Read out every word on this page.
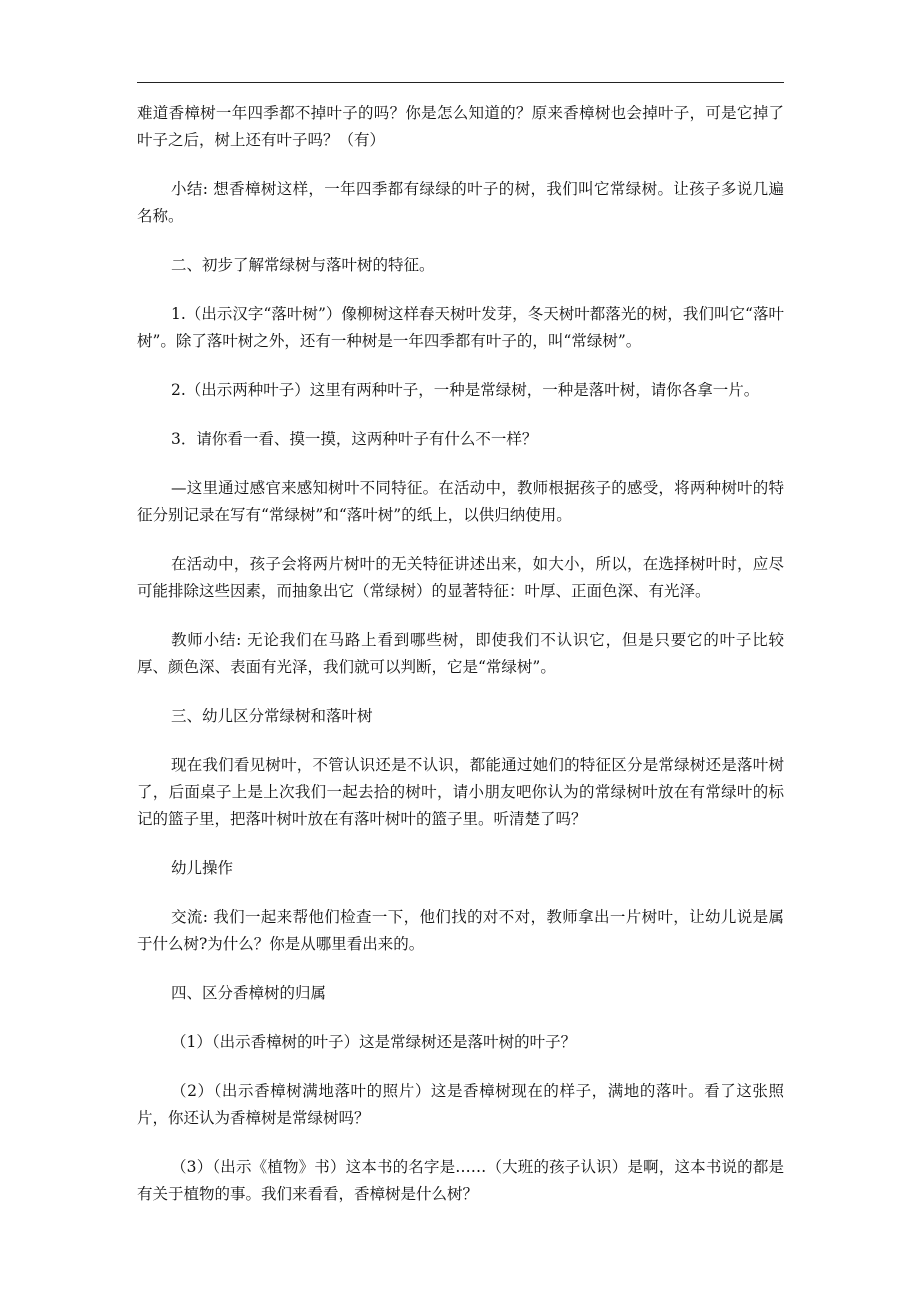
难道香樟树一年四季都不掉叶子的吗？你是怎么知道的？原来香樟树也会掉叶子，可是它掉了叶子之后，树上还有叶子吗？（有）

小结: 想香樟树这样，一年四季都有绿绿的叶子的树，我们叫它常绿树。让孩子多说几遍名称。

二、初步了解常绿树与落叶树的特征。

1.（出示汉字“落叶树”）像柳树这样春天树叶发芽，冬天树叶都落光的树，我们叫它“落叶树”。除了落叶树之外，还有一种树是一年四季都有叶子的，叫“常绿树”。

2.（出示两种叶子）这里有两种叶子，一种是常绿树，一种是落叶树，请你各拿一片。

3．请你看一看、摸一摸，这两种叶子有什么不一样？

—这里通过感官来感知树叶不同特征。在活动中，教师根据孩子的感受，将两种树叶的特征分别记录在写有“常绿树”和“落叶树”的纸上，以供归纳使用。

在活动中，孩子会将两片树叶的无关特征讲述出来，如大小，所以，在选择树叶时，应尽可能排除这些因素，而抽象出它（常绿树）的显著特征：叶厚、正面色深、有光泽。

教师小结: 无论我们在马路上看到哪些树，即使我们不认识它，但是只要它的叶子比较厚、颜色深、表面有光泽，我们就可以判断，它是“常绿树”。

三、幼儿区分常绿树和落叶树

现在我们看见树叶，不管认识还是不认识，都能通过她们的特征区分是常绿树还是落叶树了，后面桌子上是上次我们一起去拾的树叶，请小朋友吧你认为的常绿树叶放在有常绿叶的标记的篮子里，把落叶树叶放在有落叶树叶的篮子里。听清楚了吗？

幼儿操作

交流: 我们一起来帮他们检查一下，他们找的对不对，教师拿出一片树叶，让幼儿说是属于什么树?为什么？你是从哪里看出来的。

四、区分香樟树的归属

（1）（出示香樟树的叶子）这是常绿树还是落叶树的叶子？

（2）（出示香樟树满地落叶的照片）这是香樟树现在的样子，满地的落叶。看了这张照片，你还认为香樟树是常绿树吗？

（3）（出示《植物》书）这本书的名字是……（大班的孩子认识）是啊，这本书说的都是有关于植物的事。我们来看看，香樟树是什么树？
